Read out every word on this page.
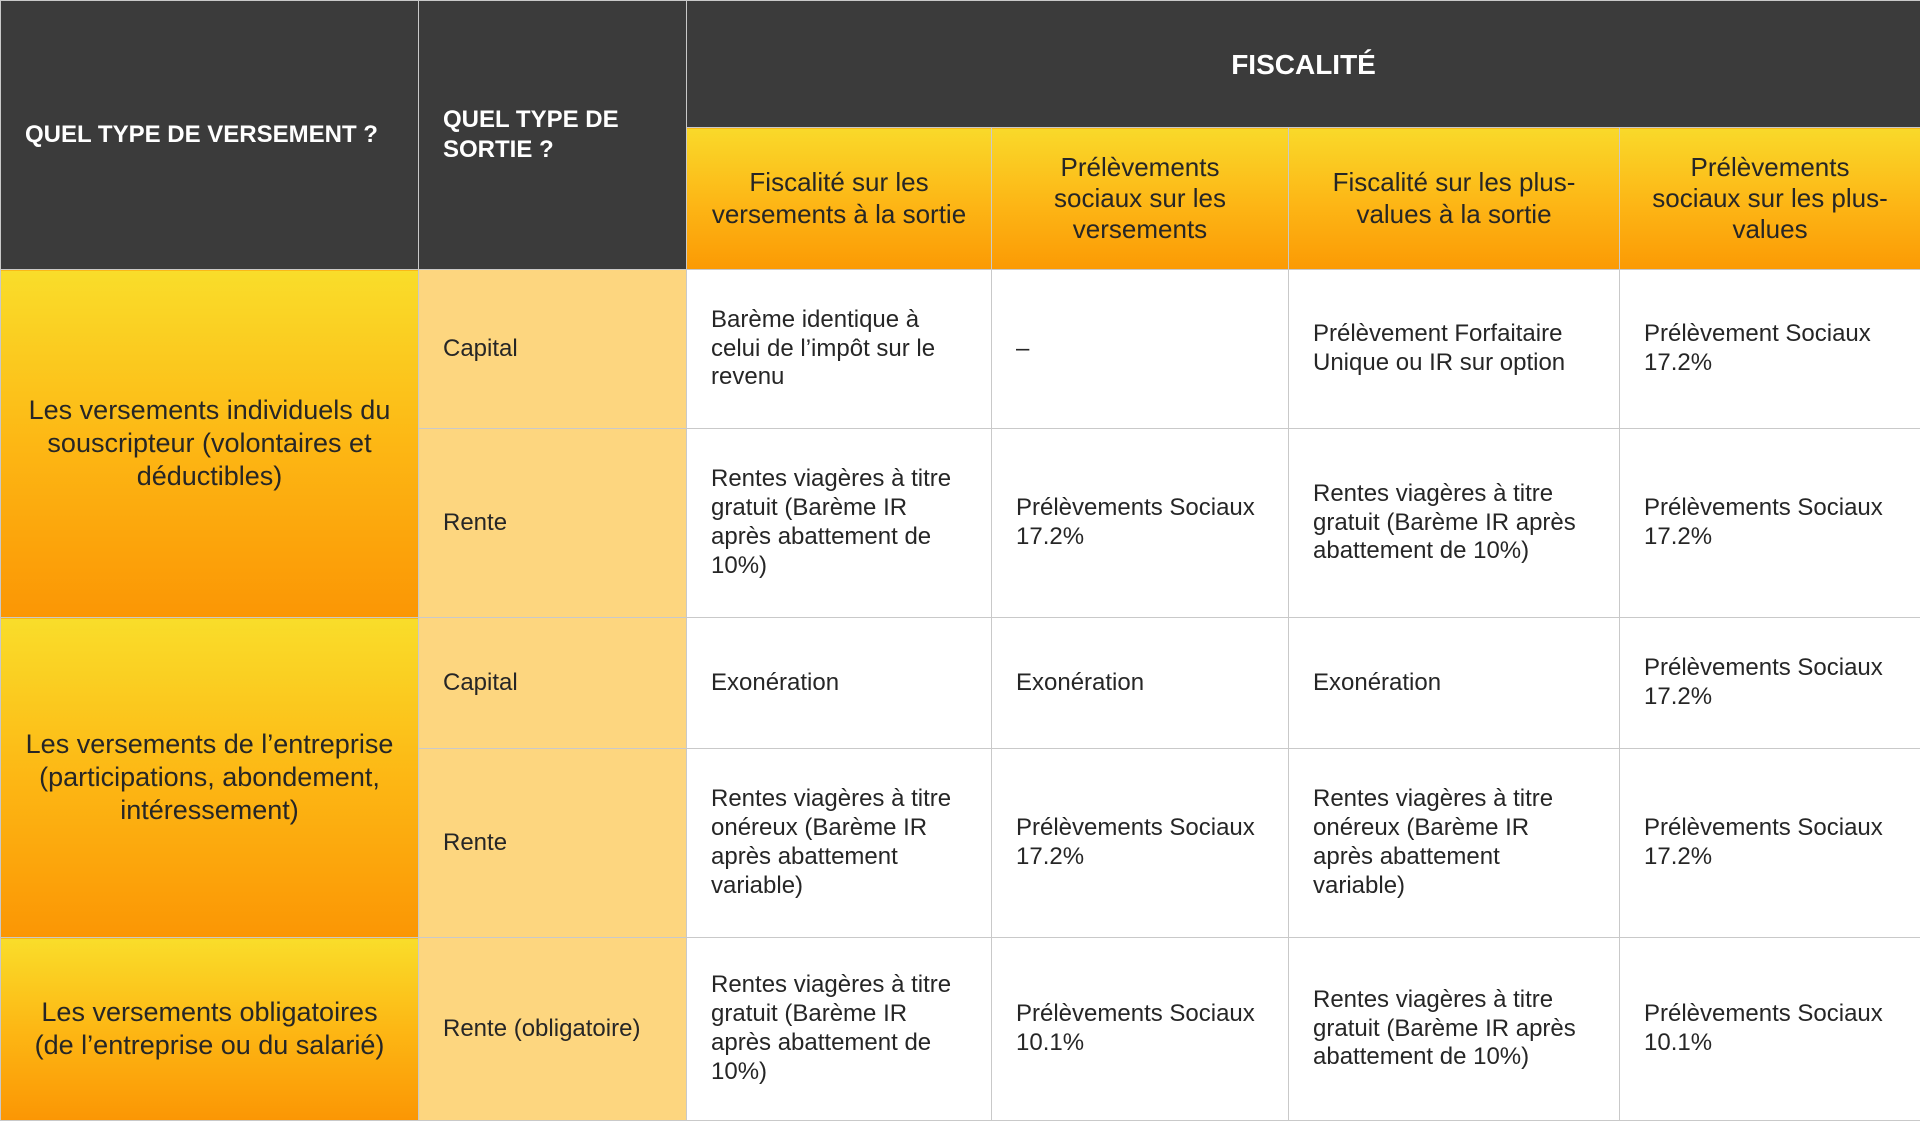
QUEL TYPE DE VERSEMENT ?	QUEL TYPE DE SORTIE ?	FISCALITÉ			
		Fiscalité sur les versements à la sortie	Prélèvements sociaux sur les versements	Fiscalité sur les plus-values à la sortie	Prélèvements sociaux sur les plus-values
Les versements individuels du souscripteur (volontaires et déductibles)	Capital	Barème identique à celui de l’impôt sur le revenu	–	Prélèvement Forfaitaire Unique ou IR sur option	Prélèvement Sociaux 17.2%
	Rente	Rentes viagères à titre gratuit (Barème IR après abattement de 10%)	Prélèvements Sociaux 17.2%	Rentes viagères à titre gratuit (Barème IR après abattement de 10%)	Prélèvements Sociaux 17.2%
Les versements de l’entreprise (participations, abondement, intéressement)	Capital	Exonération	Exonération	Exonération	Prélèvements Sociaux 17.2%
	Rente	Rentes viagères à titre onéreux (Barème IR après abattement variable)	Prélèvements Sociaux 17.2%	Rentes viagères à titre onéreux (Barème IR après abattement variable)	Prélèvements Sociaux 17.2%
Les versements obligatoires (de l’entreprise ou du salarié)	Rente (obligatoire)	Rentes viagères à titre gratuit (Barème IR après abattement de 10%)	Prélèvements Sociaux 10.1%	Rentes viagères à titre gratuit (Barème IR après abattement de 10%)	Prélèvements Sociaux 10.1%
